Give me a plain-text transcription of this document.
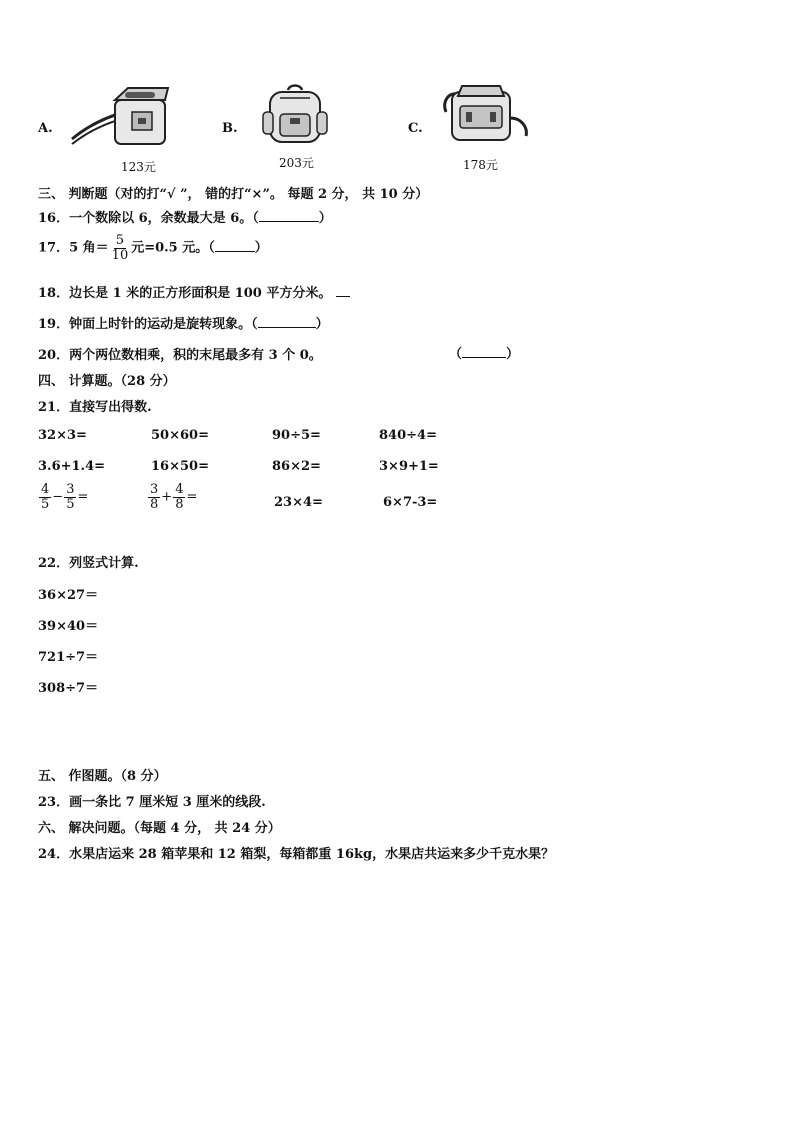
A.
123元
B.
203元
C.
178元
三、 判断题（对的打“√ ”， 错的打“×”。 每题 2 分， 共 10 分）
16．一个数除以 6，余数最大是 6。（	）
17．5 角＝ $\frac{5}{10}$ 元=0.5 元。（	）
18．边长是 1 米的正方形面积是 100 平方分米。
19．钟面上时针的运动是旋转现象。（	）
20．两个两位数相乘，积的末尾最多有 3 个 0。	（	）
四、 计算题。（28 分）
21．直接写出得数.
32×3=	50×60=	90÷5=	840÷4=
3.6+1.4=	16×50=	86×2=	3×9+1=
$\frac{4}{5} - \frac{3}{5}$ =	$\frac{3}{8} + \frac{4}{8}$ =	23×4=	6×7-3=
22．列竖式计算.
36×27＝
39×40＝
721÷7＝
308÷7＝
五、 作图题。（8 分）
23．画一条比 7 厘米短 3 厘米的线段.
六、 解决问题。（每题 4 分， 共 24 分）
24．水果店运来 28 箱苹果和 12 箱梨，每箱都重 16kg，水果店共运来多少千克水果？
